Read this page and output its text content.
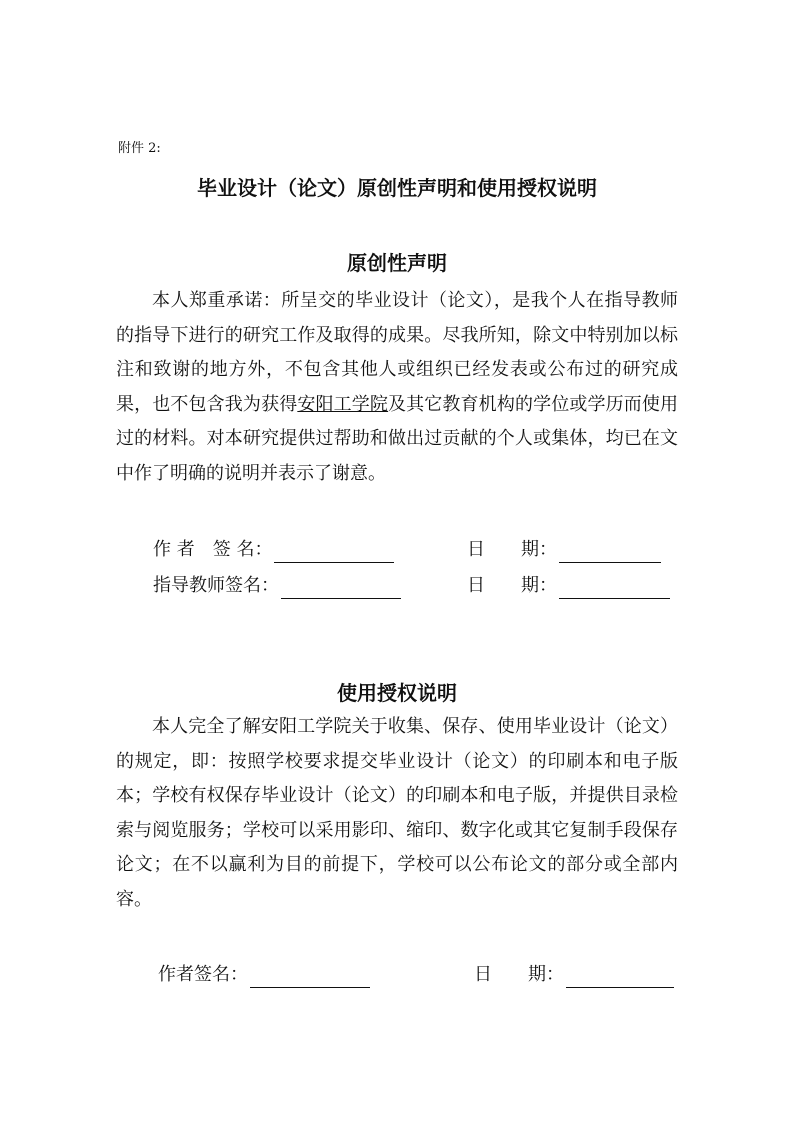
附件 2:
毕业设计（论文）原创性声明和使用授权说明
原创性声明

本人郑重承诺：所呈交的毕业设计（论文），是我个人在指导教师的指导下进行的研究工作及取得的成果。尽我所知，除文中特别加以标注和致谢的地方外，不包含其他人或组织已经发表或公布过的研究成果，也不包含我为获得安阳工学院及其它教育机构的学位或学历而使用过的材料。对本研究提供过帮助和做出过贡献的个人或集体，均已在文中作了明确的说明并表示了谢意。

作 者　签 名：	日　　期：
指导教师签名：	日　　期：
使用授权说明

本人完全了解安阳工学院关于收集、保存、使用毕业设计（论文）的规定，即：按照学校要求提交毕业设计（论文）的印刷本和电子版本；学校有权保存毕业设计（论文）的印刷本和电子版，并提供目录检索与阅览服务；学校可以采用影印、缩印、数字化或其它复制手段保存论文；在不以赢利为目的前提下，学校可以公布论文的部分或全部内容。

作者签名：	日　　期：
